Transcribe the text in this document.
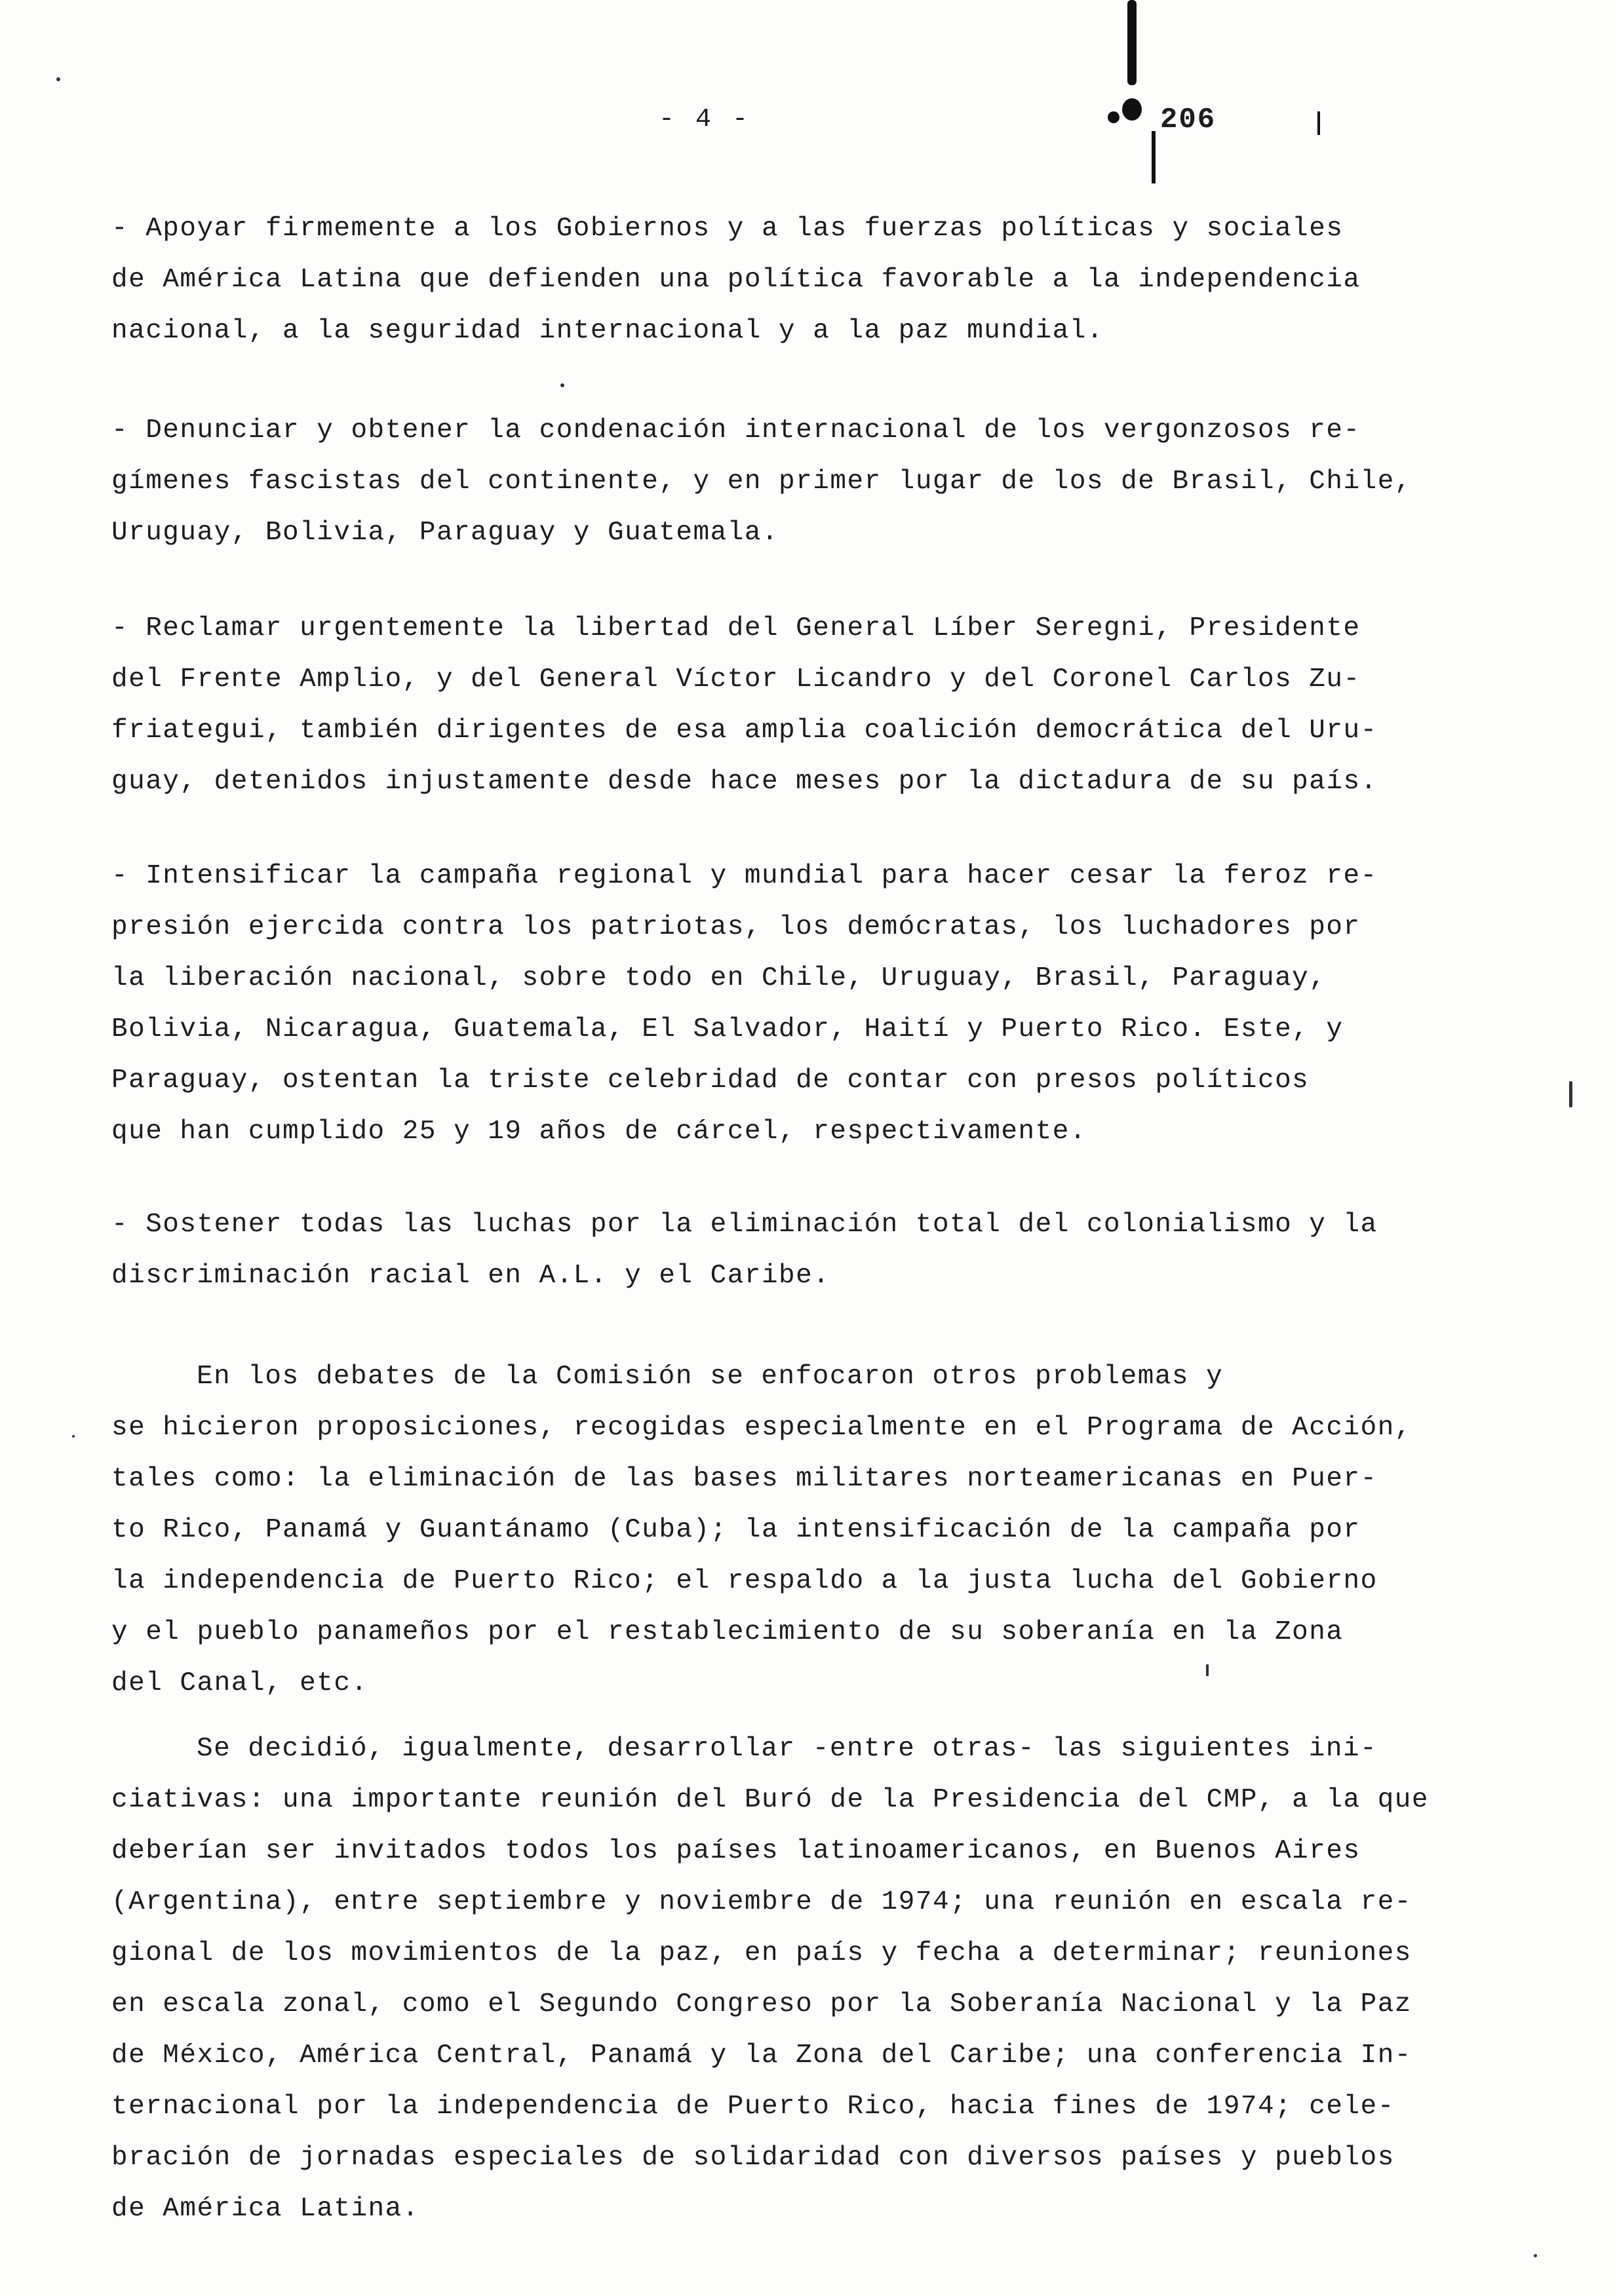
- 4 -	206
- Apoyar firmemente a los Gobiernos y a las fuerzas políticas y sociales
de América Latina que defienden una política favorable a la independencia
nacional, a la seguridad internacional y a la paz mundial.
- Denunciar y obtener la condenación internacional de los vergonzosos re-
gímenes fascistas del continente, y en primer lugar de los de Brasil, Chile,
Uruguay, Bolivia, Paraguay y Guatemala.
- Reclamar urgentemente la libertad del General Líber Seregni, Presidente
del Frente Amplio, y del General Víctor Licandro y del Coronel Carlos Zu-
friategui, también dirigentes de esa amplia coalición democrática del Uru-
guay, detenidos injustamente desde hace meses por la dictadura de su país.
- Intensificar la campaña regional y mundial para hacer cesar la feroz re-
presión ejercida contra los patriotas, los demócratas, los luchadores por
la liberación nacional, sobre todo en Chile, Uruguay, Brasil, Paraguay,
Bolivia, Nicaragua, Guatemala, El Salvador, Haití y Puerto Rico. Este, y
Paraguay, ostentan la triste celebridad de contar con presos políticos
que han cumplido 25 y 19 años de cárcel, respectivamente.
- Sostener todas las luchas por la eliminación total del colonialismo y la
discriminación racial en A.L. y el Caribe.
En los debates de la Comisión se enfocaron otros problemas y
se hicieron proposiciones, recogidas especialmente en el Programa de Acción,
tales como: la eliminación de las bases militares norteamericanas en Puer-
to Rico, Panamá y Guantánamo (Cuba); la intensificación de la campaña por
la independencia de Puerto Rico; el respaldo a la justa lucha del Gobierno
y el pueblo panameños por el restablecimiento de su soberanía en la Zona
del Canal, etc.
Se decidió, igualmente, desarrollar -entre otras- las siguientes ini-
ciativas: una importante reunión del Buró de la Presidencia del CMP, a la que
deberían ser invitados todos los países latinoamericanos, en Buenos Aires
(Argentina), entre septiembre y noviembre de 1974; una reunión en escala re-
gional de los movimientos de la paz, en país y fecha a determinar; reuniones
en escala zonal, como el Segundo Congreso por la Soberanía Nacional y la Paz
de México, América Central, Panamá y la Zona del Caribe; una conferencia In-
ternacional por la independencia de Puerto Rico, hacia fines de 1974; cele-
bración de jornadas especiales de solidaridad con diversos países y pueblos
de América Latina.
